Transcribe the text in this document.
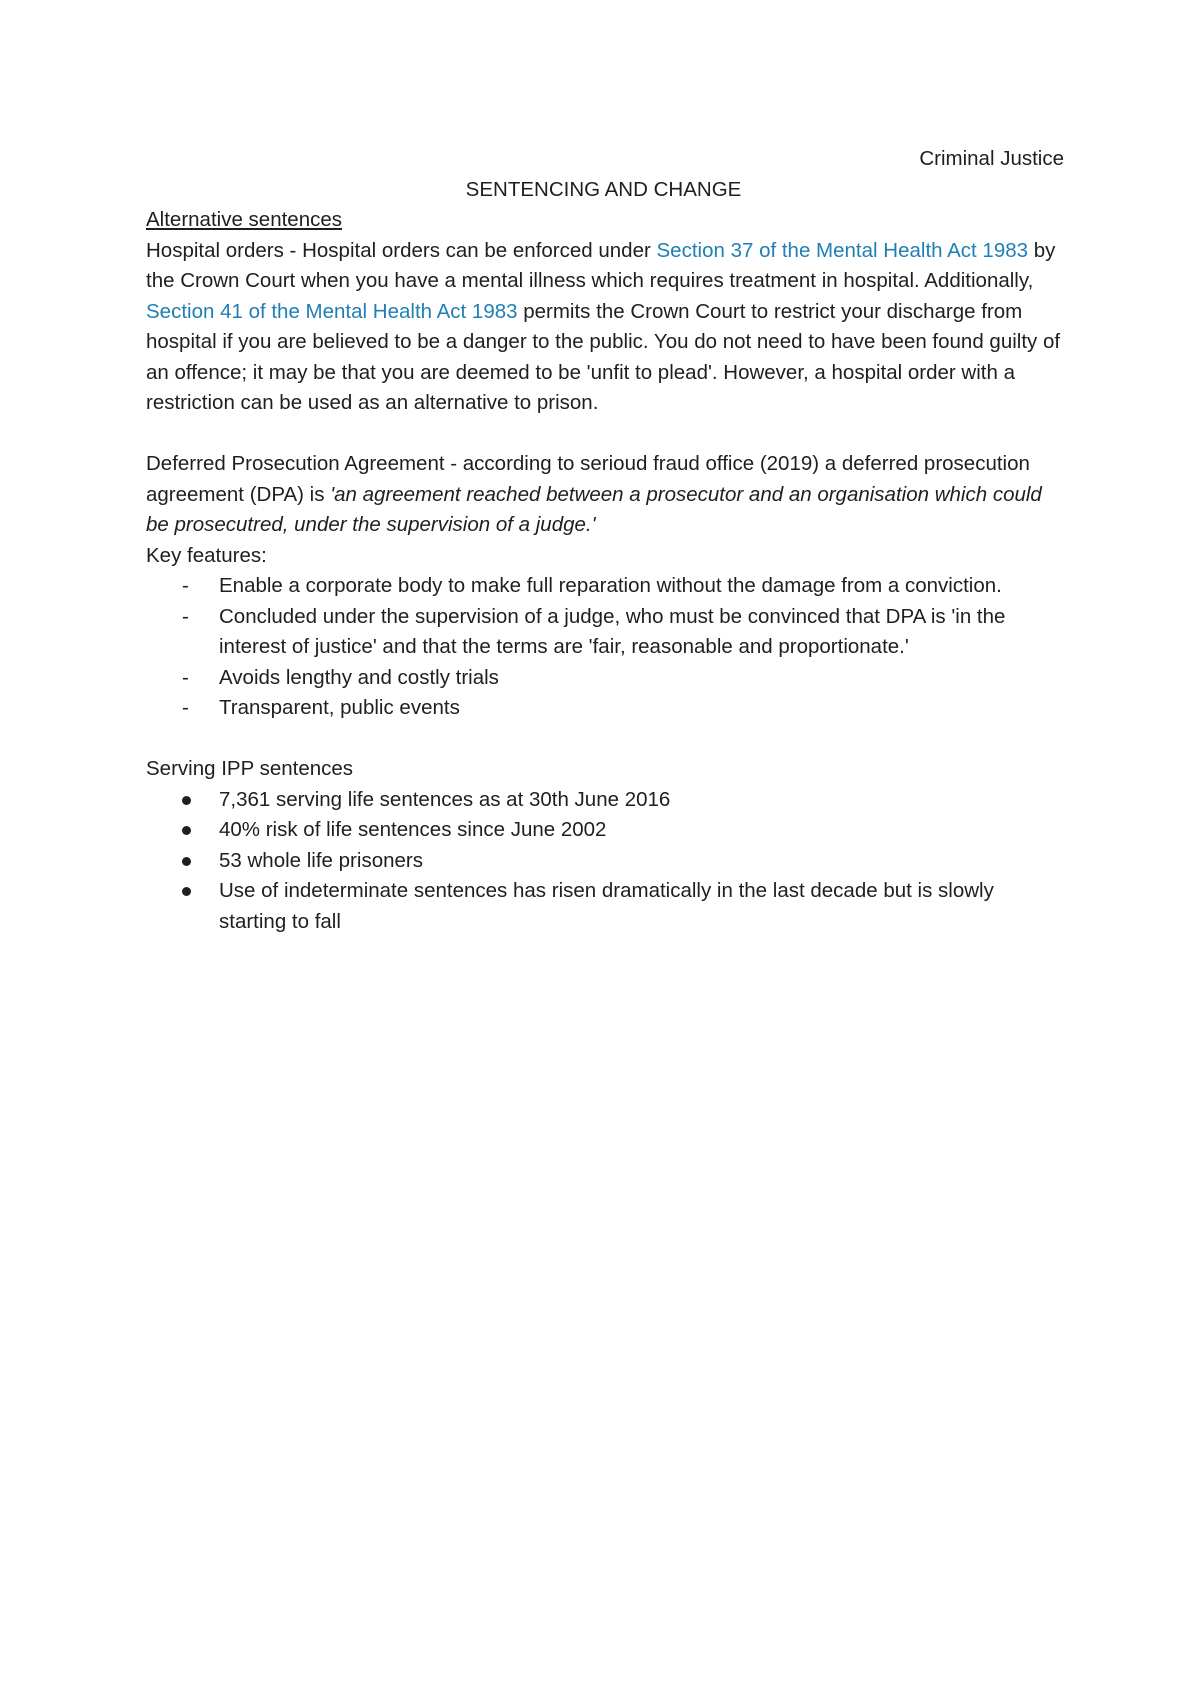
Criminal Justice

SENTENCING AND CHANGE

Alternative sentences

Hospital orders - Hospital orders can be enforced under Section 37 of the Mental Health Act 1983 by the Crown Court when you have a mental illness which requires treatment in hospital. Additionally, Section 41 of the Mental Health Act 1983 permits the Crown Court to restrict your discharge from hospital if you are believed to be a danger to the public. You do not need to have been found guilty of an offence; it may be that you are deemed to be 'unfit to plead'. However, a hospital order with a restriction can be used as an alternative to prison.

Deferred Prosecution Agreement - according to serioud fraud office (2019) a deferred prosecution agreement (DPA) is 'an agreement reached between a prosecutor and an organisation which could be prosecutred, under the supervision of a judge.'

Key features:

- Enable a corporate body to make full reparation without the damage from a conviction.
- Concluded under the supervision of a judge, who must be convinced that DPA is 'in the interest of justice' and that the terms are 'fair, reasonable and proportionate.'
- Avoids lengthy and costly trials
- Transparent, public events

Serving IPP sentences

7,361 serving life sentences as at 30th June 2016
40% risk of life sentences since June 2002
53 whole life prisoners
Use of indeterminate sentences has risen dramatically in the last decade but is slowly starting to fall
